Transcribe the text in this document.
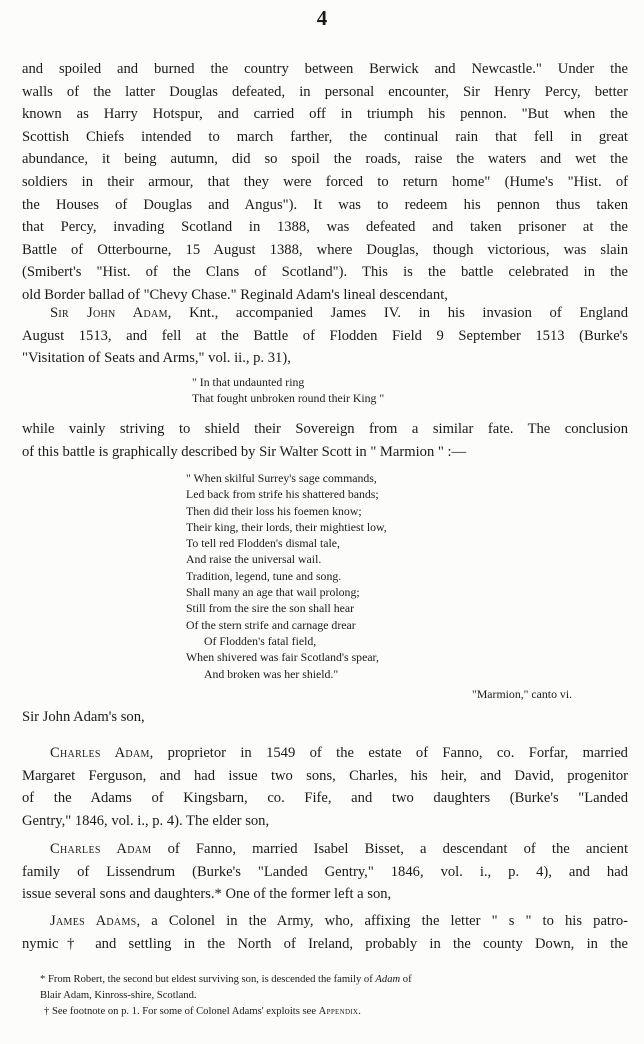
4
and spoiled and burned the country between Berwick and Newcastle." Under the
walls of the latter Douglas defeated, in personal encounter, Sir Henry Percy, better
known as Harry Hotspur, and carried off in triumph his pennon. "But when the
Scottish Chiefs intended to march farther, the continual rain that fell in great
abundance, it being autumn, did so spoil the roads, raise the waters and wet the
soldiers in their armour, that they were forced to return home" (Hume's "Hist. of
the Houses of Douglas and Angus"). It was to redeem his pennon thus taken
that Percy, invading Scotland in 1388, was defeated and taken prisoner at the
Battle of Otterbourne, 15 August 1388, where Douglas, though victorious, was slain
(Smibert's "Hist. of the Clans of Scotland"). This is the battle celebrated in the
old Border ballad of "Chevy Chase." Reginald Adam's lineal descendant,
Sir John Adam, Knt., accompanied James IV. in his invasion of England
August 1513, and fell at the Battle of Flodden Field 9 September 1513 (Burke's
"Visitation of Seats and Arms," vol. ii., p. 31),
" In that undaunted ring
That fought unbroken round their King "
while vainly striving to shield their Sovereign from a similar fate. The conclusion
of this battle is graphically described by Sir Walter Scott in " Marmion " :—
" When skilful Surrey's sage commands,
Led back from strife his shattered bands;
Then did their loss his foemen know;
Their king, their lords, their mightiest low,
To tell red Flodden's dismal tale,
And raise the universal wail.
Tradition, legend, tune and song.
Shall many an age that wail prolong;
Still from the sire the son shall hear
Of the stern strife and carnage drear
Of Flodden's fatal field,
When shivered was fair Scotland's spear,
And broken was her shield."
"Marmion," canto vi.
Sir John Adam's son,
Charles Adam, proprietor in 1549 of the estate of Fanno, co. Forfar, married
Margaret Ferguson, and had issue two sons, Charles, his heir, and David, progenitor
of the Adams of Kingsbarn, co. Fife, and two daughters (Burke's "Landed
Gentry," 1846, vol. i., p. 4). The elder son,
Charles Adam of Fanno, married Isabel Bisset, a descendant of the ancient
family of Lissendrum (Burke's "Landed Gentry," 1846, vol. i., p. 4), and had
issue several sons and daughters.* One of the former left a son,
James Adams, a Colonel in the Army, who, affixing the letter " s " to his patro-
nymic† and settling in the North of Ireland, probably in the county Down, in the
* From Robert, the second but eldest surviving son, is descended the family of Adam of
Blair Adam, Kinross-shire, Scotland.
† See footnote on p. 1. For some of Colonel Adams' exploits see Appendix.
